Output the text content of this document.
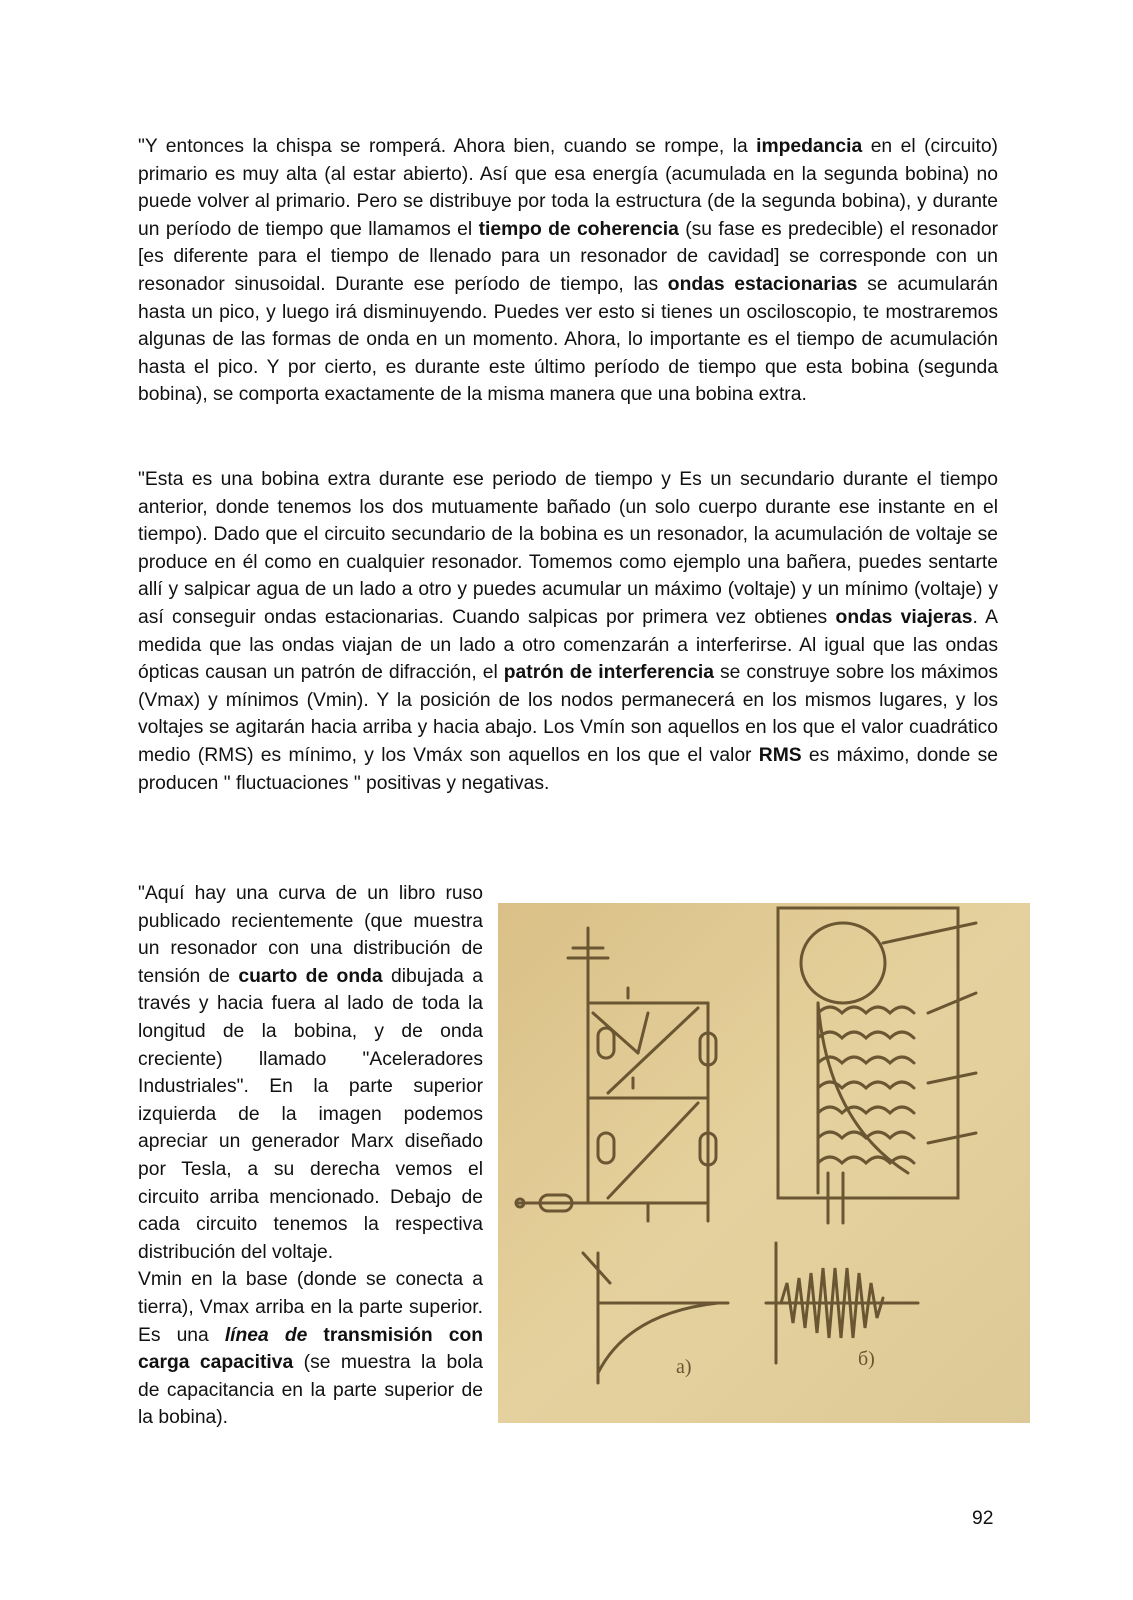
"Y entonces la chispa se romperá. Ahora bien, cuando se rompe, la impedancia en el (circuito) primario es muy alta (al estar abierto). Así que esa energía (acumulada en la segunda bobina) no puede volver al primario. Pero se distribuye por toda la estructura (de la segunda bobina), y durante un período de tiempo que llamamos el tiempo de coherencia (su fase es predecible) el resonador [es diferente para el tiempo de llenado para un resonador de cavidad] se corresponde con un resonador sinusoidal. Durante ese período de tiempo, las ondas estacionarias se acumularán hasta un pico, y luego irá disminuyendo. Puedes ver esto si tienes un osciloscopio, te mostraremos algunas de las formas de onda en un momento. Ahora, lo importante es el tiempo de acumulación hasta el pico. Y por cierto, es durante este último período de tiempo que esta bobina (segunda bobina), se comporta exactamente de la misma manera que una bobina extra.

"Esta es una bobina extra durante ese periodo de tiempo y Es un secundario durante el tiempo anterior, donde tenemos los dos mutuamente bañado (un solo cuerpo durante ese instante en el tiempo). Dado que el circuito secundario de la bobina es un resonador, la acumulación de voltaje se produce en él como en cualquier resonador. Tomemos como ejemplo una bañera, puedes sentarte allí y salpicar agua de un lado a otro y puedes acumular un máximo (voltaje) y un mínimo (voltaje) y así conseguir ondas estacionarias. Cuando salpicas por primera vez obtienes ondas viajeras. A medida que las ondas viajan de un lado a otro comenzarán a interferirse. Al igual que las ondas ópticas causan un patrón de difracción, el patrón de interferencia se construye sobre los máximos (Vmax) y mínimos (Vmin). Y la posición de los nodos permanecerá en los mismos lugares, y los voltajes se agitarán hacia arriba y hacia abajo. Los Vmín son aquellos en los que el valor cuadrático medio (RMS) es mínimo, y los Vmáx son aquellos en los que el valor RMS es máximo, donde se producen " fluctuaciones " positivas y negativas.

"Aquí hay una curva de un libro ruso publicado recientemente (que muestra un resonador con una distribución de tensión de cuarto de onda dibujada a través y hacia fuera al lado de toda la longitud de la bobina, y de onda creciente) llamado "Aceleradores Industriales". En la parte superior izquierda de la imagen podemos apreciar un generador Marx diseñado por Tesla, a su derecha vemos el circuito arriba mencionado. Debajo de cada circuito tenemos la respectiva distribución del voltaje.

Vmin en la base (donde se conecta a tierra), Vmax arriba en la parte superior. Es una línea de transmisión con carga capacitiva (se muestra la bola de capacitancia en la parte superior de la bobina).

a)	б)
92
